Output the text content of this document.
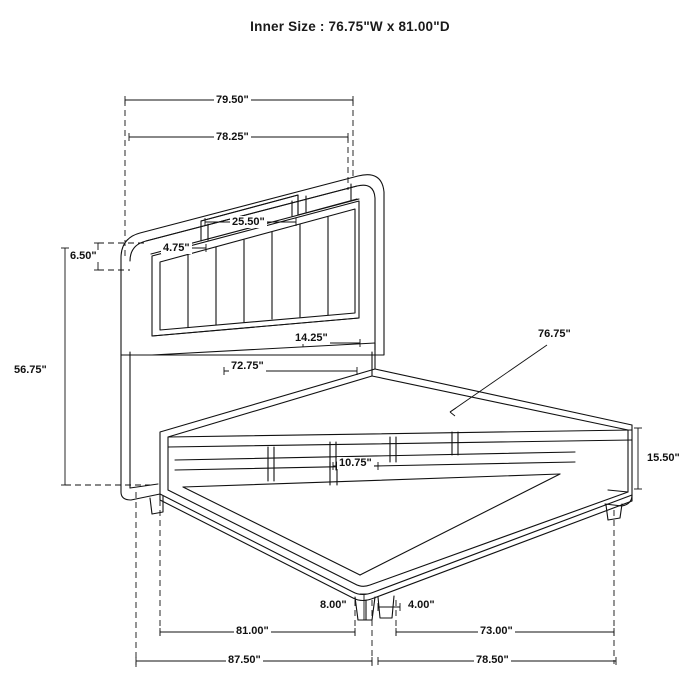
Inner Size : 76.75"W x 81.00"D
79.50"
78.25"
25.50"
4.75"
6.50"
56.75"
14.25"
72.75"
76.75"
10.75"	15.50"
8.00"	4.00"
81.00"	73.00"
87.50"	78.50"
